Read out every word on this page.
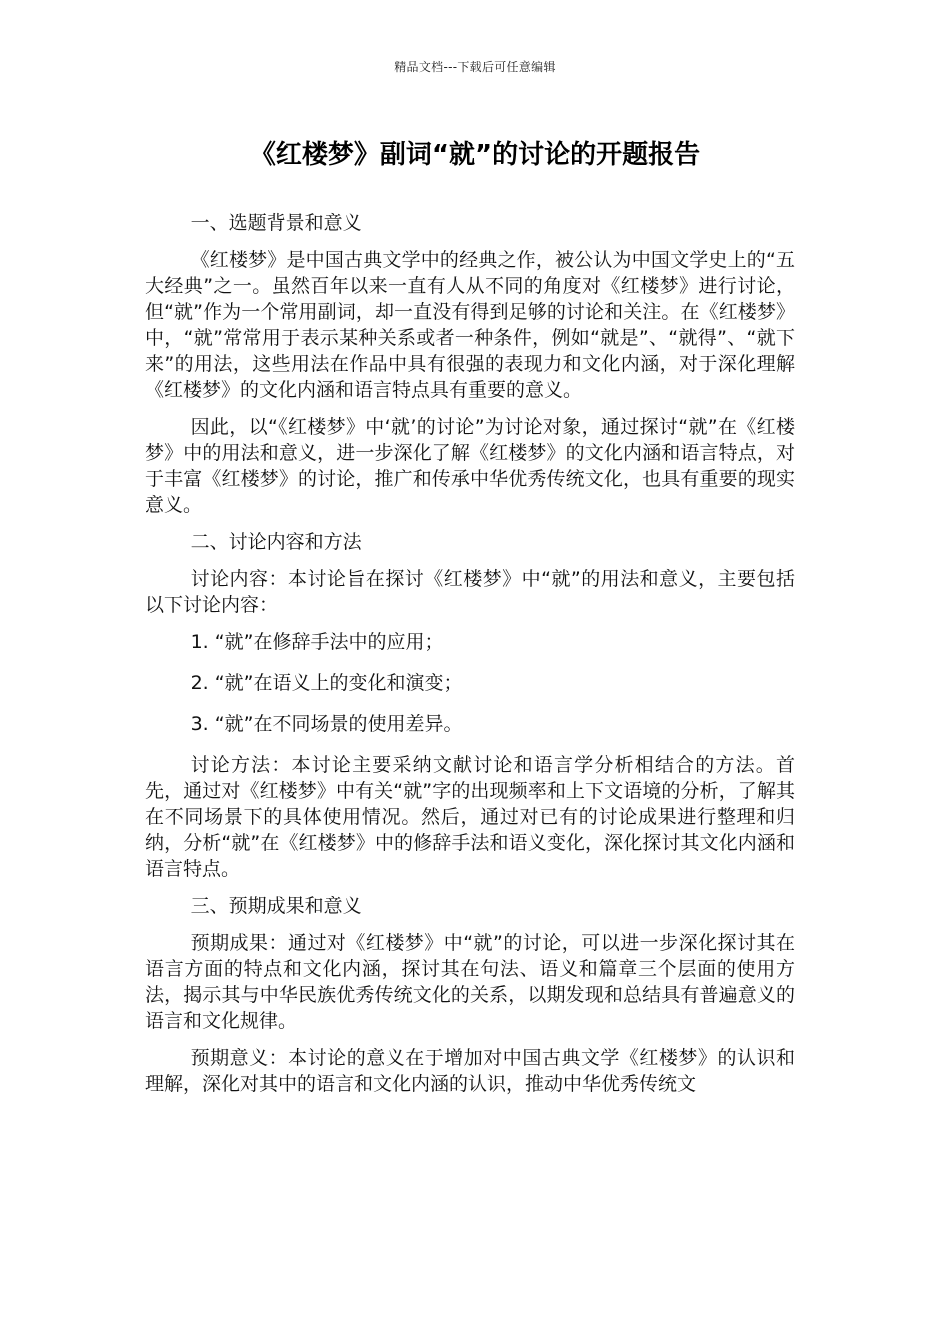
精品文档---下载后可任意编辑
《红楼梦》副词“就”的讨论的开题报告

一、选题背景和意义

《红楼梦》是中国古典文学中的经典之作，被公认为中国文学史上的“五大经典”之一。虽然百年以来一直有人从不同的角度对《红楼梦》进行讨论，但“就”作为一个常用副词，却一直没有得到足够的讨论和关注。在《红楼梦》中，“就”常常用于表示某种关系或者一种条件，例如“就是”、“就得”、“就下来”的用法，这些用法在作品中具有很强的表现力和文化内涵，对于深化理解《红楼梦》的文化内涵和语言特点具有重要的意义。

因此，以“《红楼梦》中‘就’的讨论”为讨论对象，通过探讨“就”在《红楼梦》中的用法和意义，进一步深化了解《红楼梦》的文化内涵和语言特点，对于丰富《红楼梦》的讨论，推广和传承中华优秀传统文化，也具有重要的现实意义。

二、讨论内容和方法

讨论内容：本讨论旨在探讨《红楼梦》中“就”的用法和意义，主要包括以下讨论内容：

1. “就”在修辞手法中的应用；

2. “就”在语义上的变化和演变；

3. “就”在不同场景的使用差异。

讨论方法：本讨论主要采纳文献讨论和语言学分析相结合的方法。首先，通过对《红楼梦》中有关“就”字的出现频率和上下文语境的分析，了解其在不同场景下的具体使用情况。然后，通过对已有的讨论成果进行整理和归纳，分析“就”在《红楼梦》中的修辞手法和语义变化，深化探讨其文化内涵和语言特点。

三、预期成果和意义

预期成果：通过对《红楼梦》中“就”的讨论，可以进一步深化探讨其在语言方面的特点和文化内涵，探讨其在句法、语义和篇章三个层面的使用方法，揭示其与中华民族优秀传统文化的关系，以期发现和总结具有普遍意义的语言和文化规律。

预期意义：本讨论的意义在于增加对中国古典文学《红楼梦》的认识和理解，深化对其中的语言和文化内涵的认识，推动中华优秀传统文
